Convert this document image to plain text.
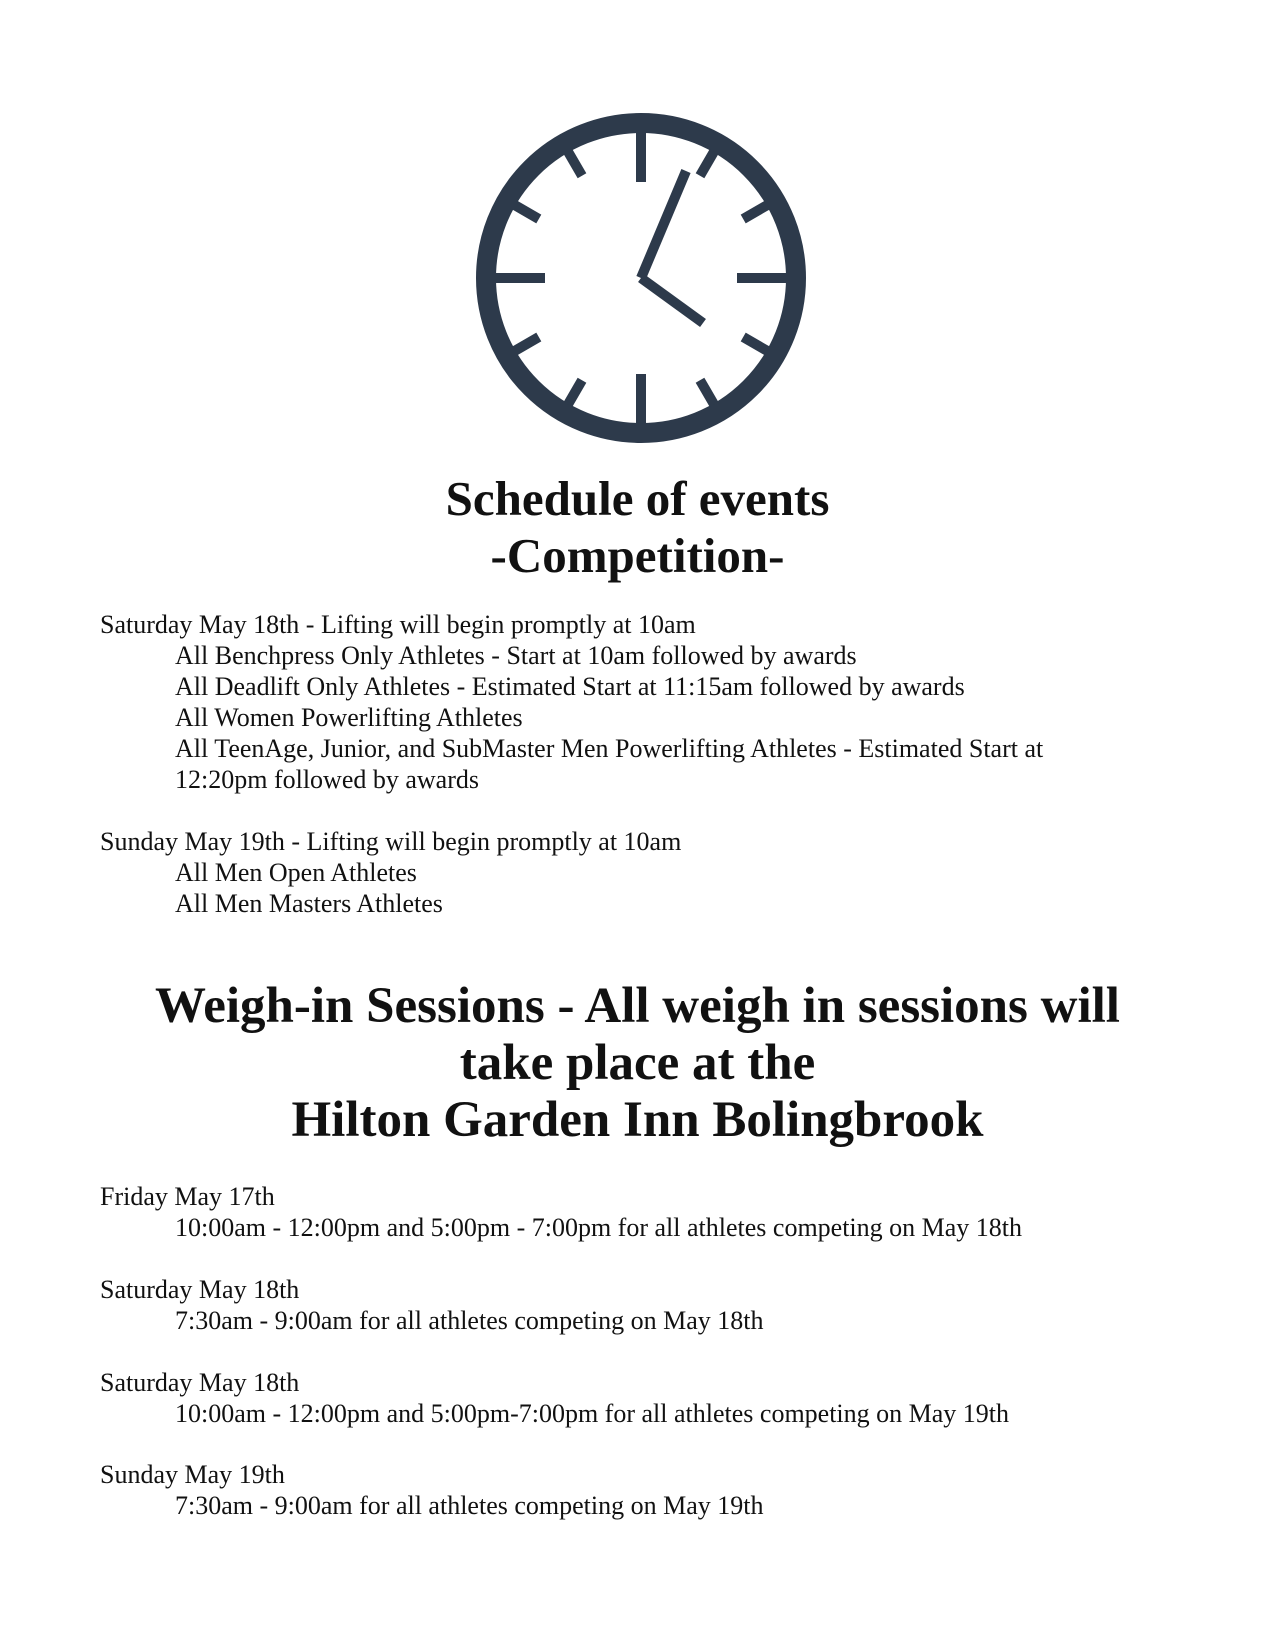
Schedule of events
-Competition-
Saturday May 18th - Lifting will begin promptly at 10am
All Benchpress Only Athletes - Start at 10am followed by awards
All Deadlift Only Athletes - Estimated Start at 11:15am followed by awards
All Women Powerlifting Athletes
All TeenAge, Junior, and SubMaster Men Powerlifting Athletes - Estimated Start at
12:20pm followed by awards
Sunday May 19th - Lifting will begin promptly at 10am
All Men Open Athletes
All Men Masters Athletes
Weigh-in Sessions - All weigh in sessions will
take place at the
Hilton Garden Inn Bolingbrook
Friday May 17th
10:00am - 12:00pm and 5:00pm - 7:00pm for all athletes competing on May 18th
Saturday May 18th
7:30am - 9:00am for all athletes competing on May 18th
Saturday May 18th
10:00am - 12:00pm and 5:00pm-7:00pm for all athletes competing on May 19th
Sunday May 19th
7:30am - 9:00am for all athletes competing on May 19th
